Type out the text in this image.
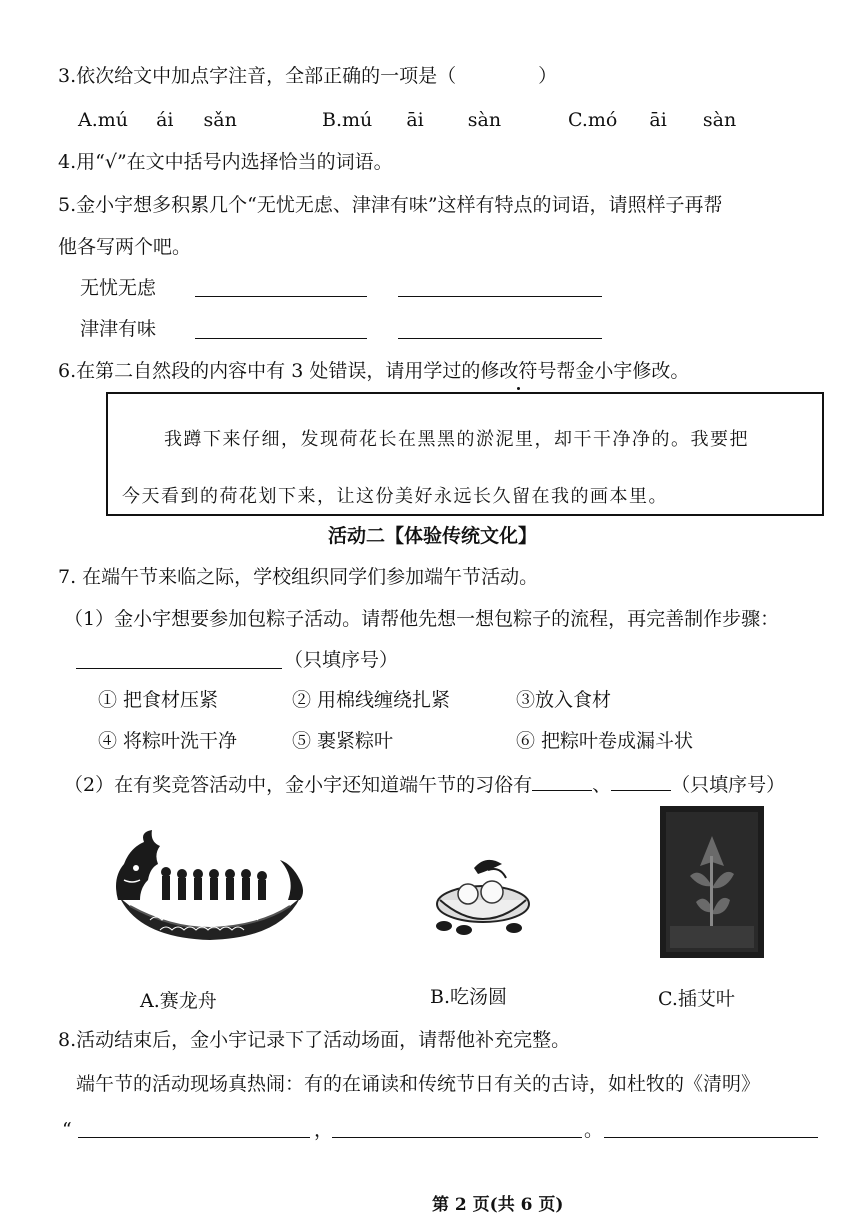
3.依次给文中加点字注音，全部正确的一项是（	）
A.mú ái sǎn	B.mú āi sàn	C.mó āi sàn
4.用“√”在文中括号内选择恰当的词语。
5.金小宇想多积累几个“无忧无虑、津津有味”这样有特点的词语，请照样子再帮
他各写两个吧。
无忧无虑
津津有味
6.在第二自然段的内容中有 3 处错误，请用学过的修改符号帮金小宇修改。
我蹲下来仔细，发现荷花长在黑黑的淤泥里，却干干净净的。我要把
今天看到的荷花划下来，让这份美好永远长久留在我的画本里。
活动二【体验传统文化】
7. 在端午节来临之际，学校组织同学们参加端午节活动。
（1）金小宇想要参加包粽子活动。请帮他先想一想包粽子的流程，再完善制作步骤：
（只填序号）
① 把食材压紧	② 用棉线缠绕扎紧	③放入食材
④ 将粽叶洗干净	⑤ 裹紧粽叶	⑥ 把粽叶卷成漏斗状
（2）在有奖竞答活动中，金小宇还知道端午节的习俗有	、	（只填序号）
A.赛龙舟	B.吃汤圆	C.插艾叶
8.活动结束后，金小宇记录下了活动场面，请帮他补充完整。
端午节的活动现场真热闹：有的在诵读和传统节日有关的古诗，如杜牧的《清明》
“	，	。
第 2 页(共 6 页)
